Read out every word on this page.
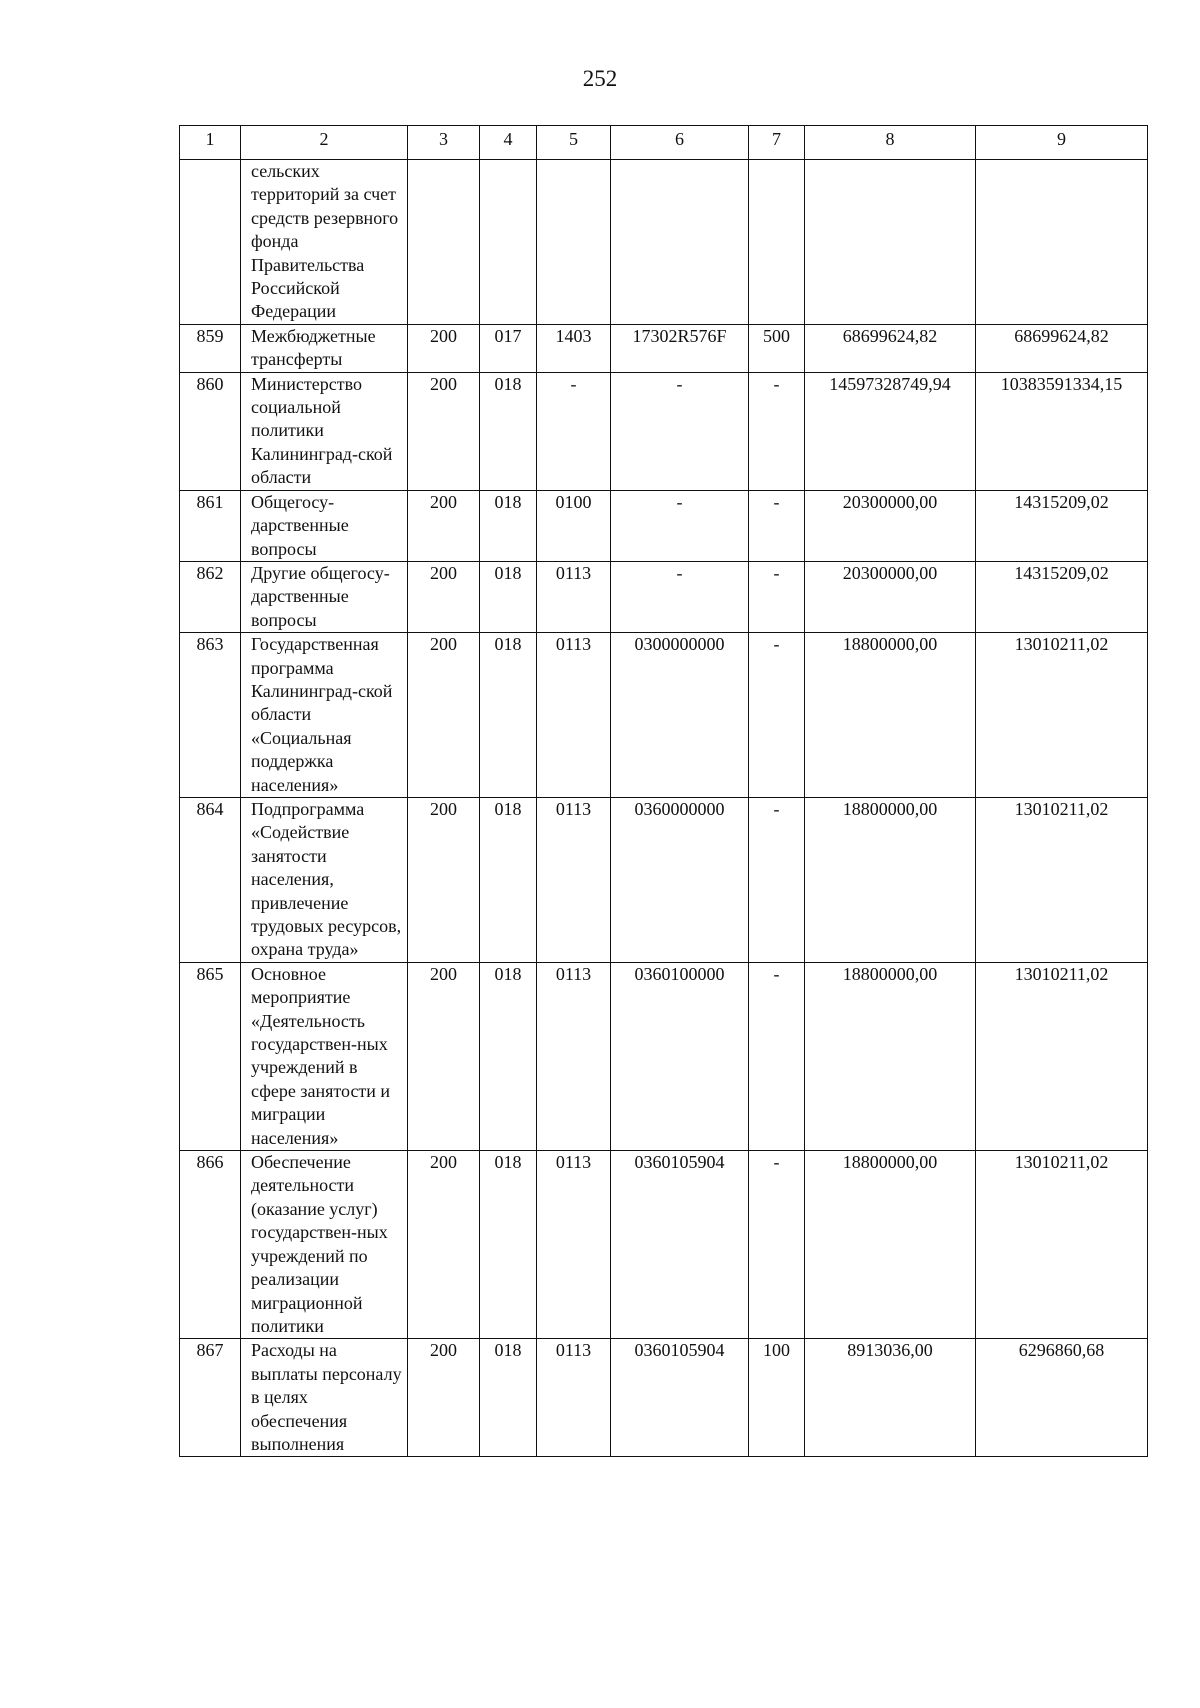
252
1	2	3	4	5	6	7	8	9
	сельских территорий за счет средств резервного фонда Правительства Российской Федерации							
859	Межбюджетные трансферты	200	017	1403	17302R576F	500	68699624,82	68699624,82
860	Министерство социальной политики Калининград-ской области	200	018	-	-	-	14597328749,94	10383591334,15
861	Общегосу-дарственные вопросы	200	018	0100	-	-	20300000,00	14315209,02
862	Другие общегосу-дарственные вопросы	200	018	0113	-	-	20300000,00	14315209,02
863	Государственная программа Калининград-ской области «Социальная поддержка населения»	200	018	0113	0300000000	-	18800000,00	13010211,02
864	Подпрограмма «Содействие занятости населения, привлечение трудовых ресурсов, охрана труда»	200	018	0113	0360000000	-	18800000,00	13010211,02
865	Основное мероприятие «Деятельность государствен-ных учреждений в сфере занятости и миграции населения»	200	018	0113	0360100000	-	18800000,00	13010211,02
866	Обеспечение деятельности (оказание услуг) государствен-ных учреждений по реализации миграционной политики	200	018	0113	0360105904	-	18800000,00	13010211,02
867	Расходы на выплаты персоналу в целях обеспечения выполнения	200	018	0113	0360105904	100	8913036,00	6296860,68
